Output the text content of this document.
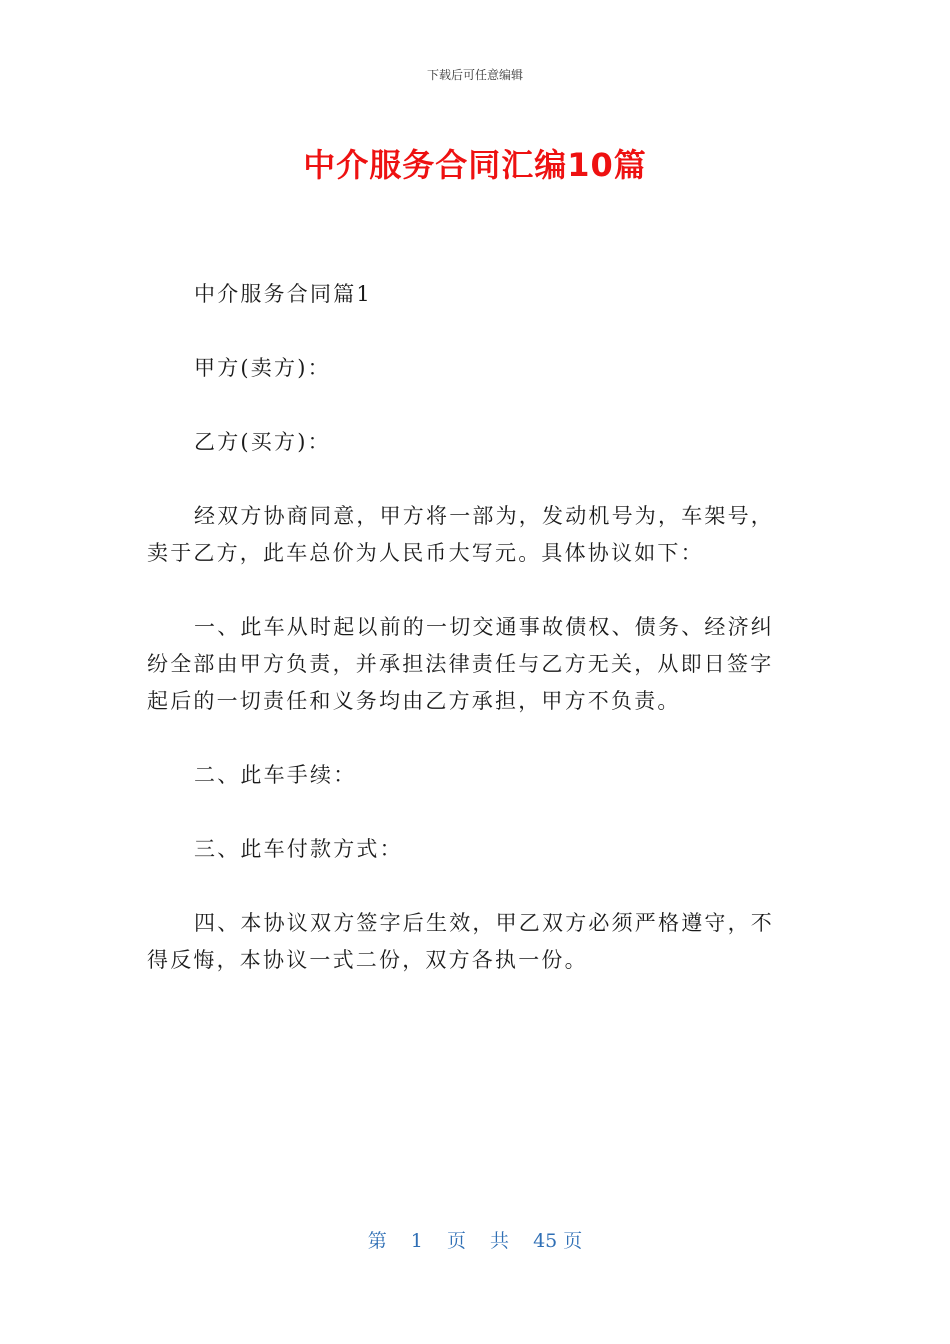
下载后可任意编辑
中介服务合同汇编10篇

中介服务合同篇1

甲方(卖方)：

乙方(买方)：

经双方协商同意，甲方将一部为，发动机号为，车架号，卖于乙方，此车总价为人民币大写元。具体协议如下：

一、此车从时起以前的一切交通事故债权、债务、经济纠纷全部由甲方负责，并承担法律责任与乙方无关，从即日签字起后的一切责任和义务均由乙方承担，甲方不负责。

二、此车手续：

三、此车付款方式：

四、本协议双方签字后生效，甲乙双方必须严格遵守，不得反悔，本协议一式二份，双方各执一份。

第 1 页 共 45 页
